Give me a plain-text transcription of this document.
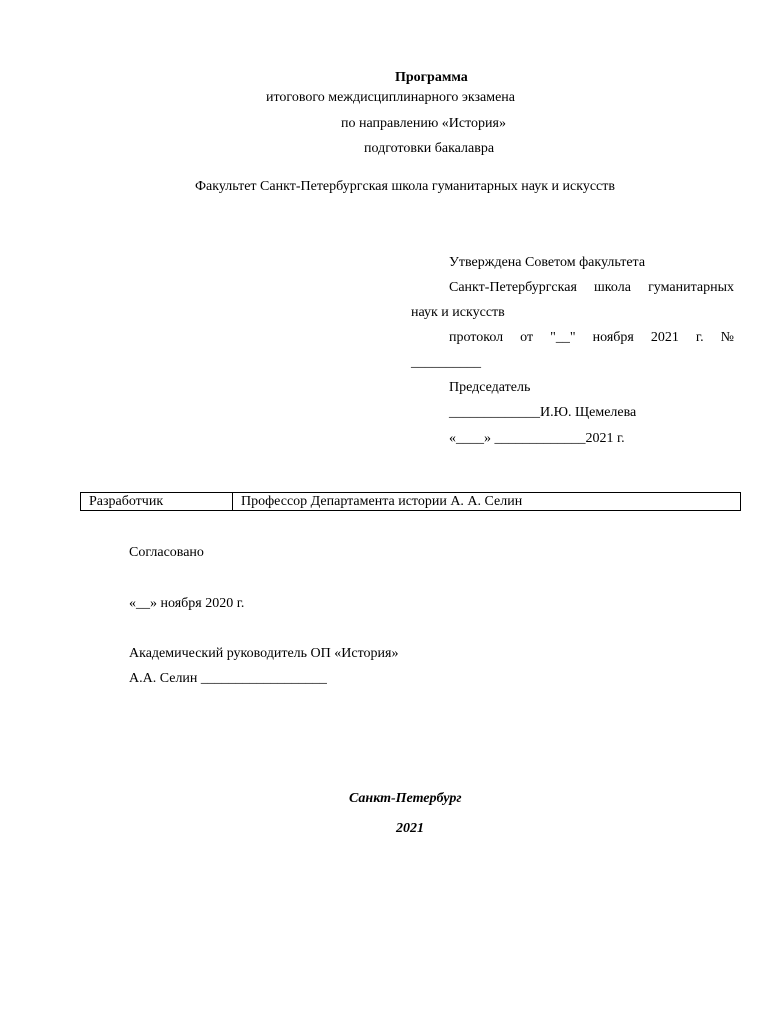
Программа
итогового междисциплинарного экзамена
по направлению «История»
подготовки бакалавра
Факультет Санкт-Петербургская школа гуманитарных наук и искусств
Утверждена Советом факультета
Санкт-Петербургская школа гуманитарных
наук и искусств
протокол от "__" ноября 2021 г. №
__________
Председатель
_____________И.Ю. Щемелева
«____» _____________2021 г.
Разработчик	Профессор Департамента истории А. А. Селин
Согласовано
«__» ноября 2020 г.
Академический руководитель ОП «История»
А.А. Селин __________________
Санкт-Петербург
2021
